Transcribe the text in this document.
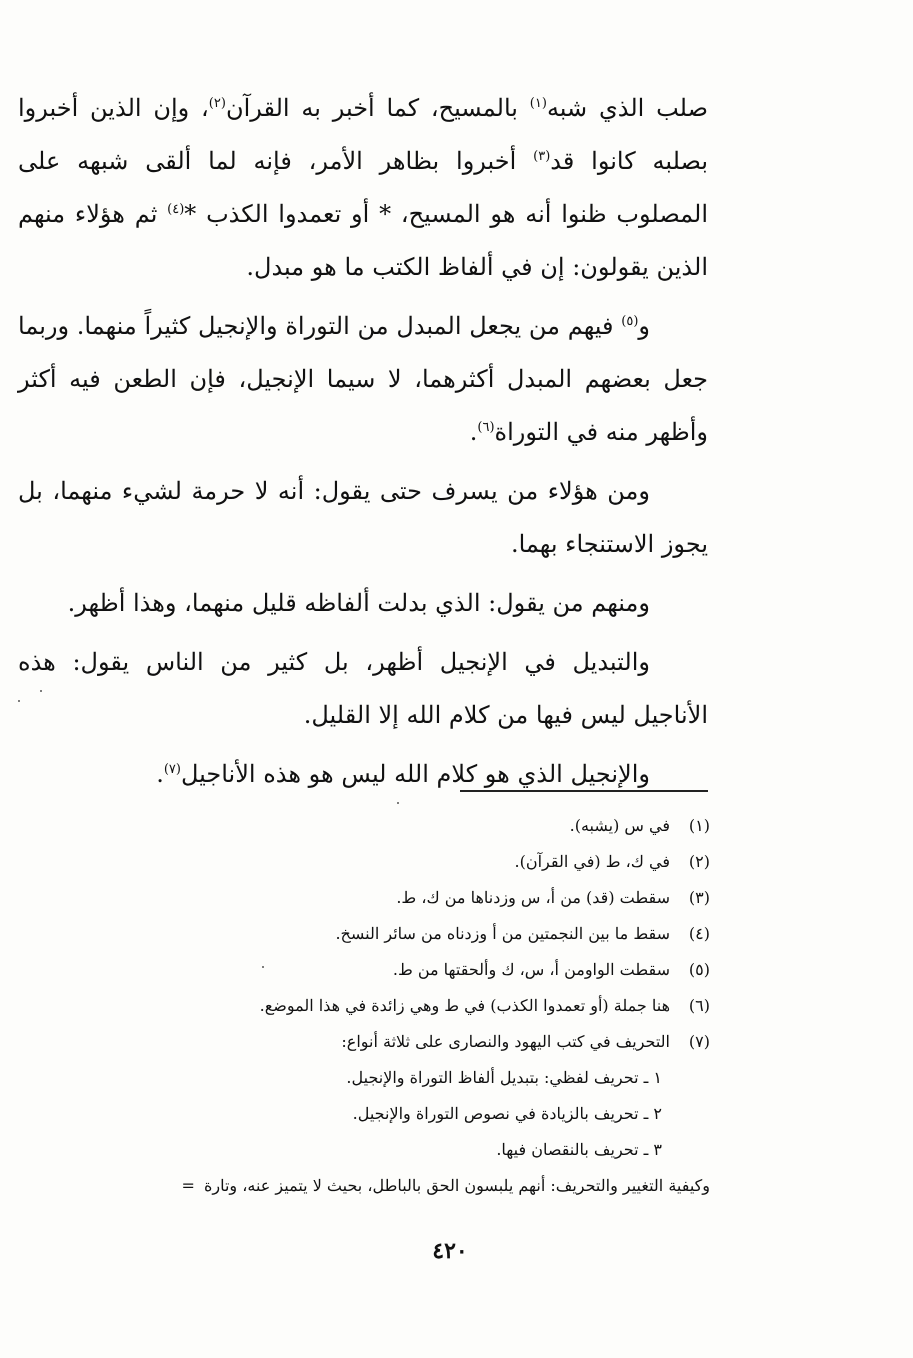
صلب الذي شبه$^{(١)}$ بالمسيح، كما أخبر به القرآن$^{(٢)}$، وإن الذين أخبروا بصلبه كانوا قد$^{(٣)}$ أخبروا بظاهر الأمر، فإنه لما ألقى شبهه على المصلوب ظنوا أنه هو المسيح، * أو تعمدوا الكذب *$^{(٤)}$ ثم هؤلاء منهم الذين يقولون: إن في ألفاظ الكتب ما هو مبدل.

و$^{(٥)}$ فيهم من يجعل المبدل من التوراة والإنجيل كثيراً منهما. وربما جعل بعضهم المبدل أكثرهما، لا سيما الإنجيل، فإن الطعن فيه أكثر وأظهر منه في التوراة$^{(٦)}$.

ومن هؤلاء من يسرف حتى يقول: أنه لا حرمة لشيء منهما، بل يجوز الاستنجاء بهما.

ومنهم من يقول: الذي بدلت ألفاظه قليل منهما، وهذا أظهر.

والتبديل في الإنجيل أظهر، بل كثير من الناس يقول: هذه الأناجيل ليس فيها من كلام الله إلا القليل.

والإنجيل الذي هو كلام الله ليس هو هذه الأناجيل$^{(٧)}$.

(١)
في س (يشبه).
(٢)
في ك، ط (في القرآن).
(٣)
سقطت (قد) من أ، س وزدناها من ك، ط.
(٤)
سقط ما بين النجمتين من أ وزدناه من سائر النسخ.
(٥)
سقطت الواومن أ، س، ك وألحقتها من ط.
(٦)
هنا جملة (أو تعمدوا الكذب) في ط وهي زائدة في هذا الموضع.
(٧)
التحريف في كتب اليهود والنصارى على ثلاثة أنواع:
١ ـ تحريف لفظي: بتبديل ألفاظ التوراة والإنجيل.
٢ ـ تحريف بالزيادة في نصوص التوراة والإنجيل.
٣ ـ تحريف بالنقصان فيها.
وكيفية التغيير والتحريف: أنهم يلبسون الحق بالباطل، بحيث لا يتميز عنه، وتارة =
٤٢٠
